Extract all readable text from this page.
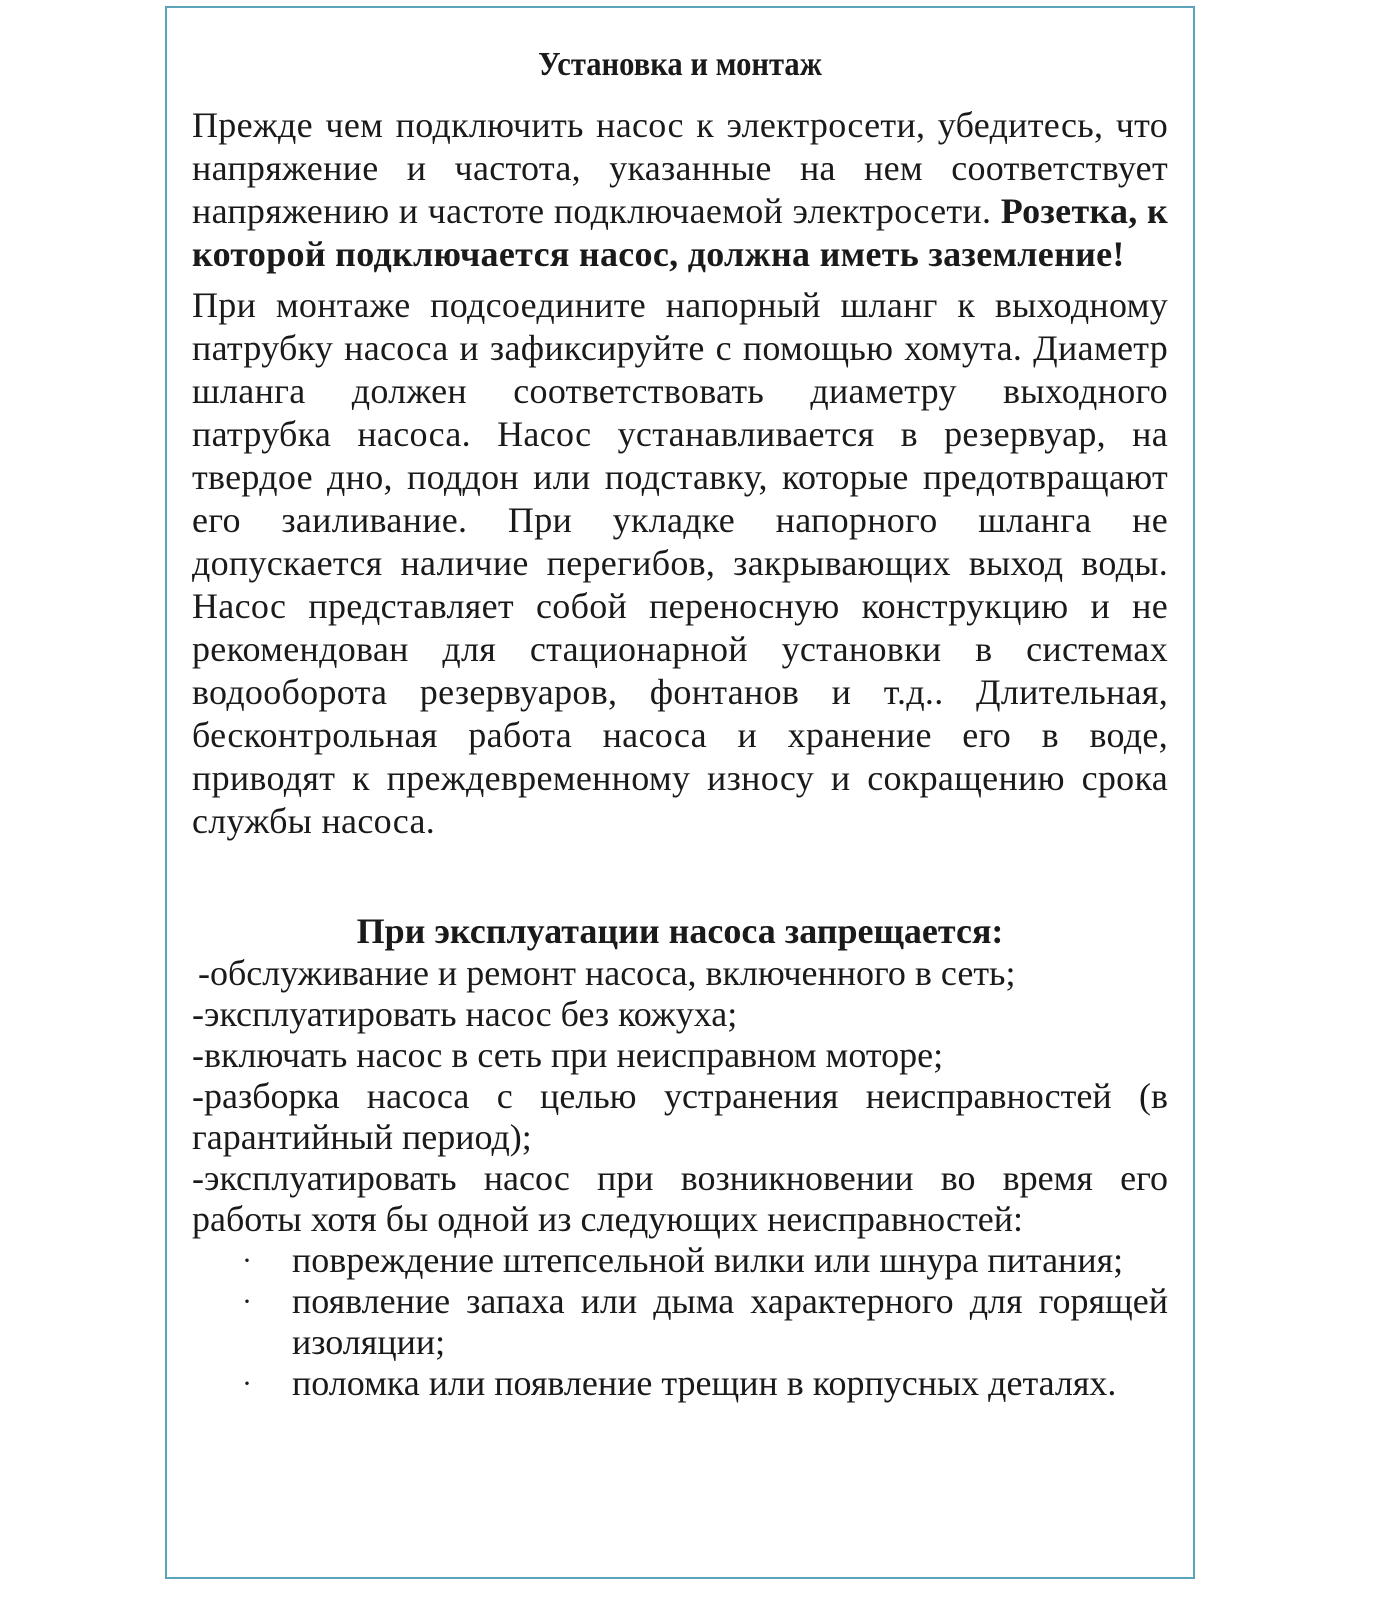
Установка и монтаж

Прежде чем подключить насос к электросети, убедитесь, что напряжение и частота, указанные на нем соответствует напряжению и частоте подключаемой электросети. Розетка, к которой подключается насос, должна иметь заземление!

При монтаже подсоедините напорный шланг к выходному патрубку насоса и зафиксируйте с помощью хомута. Диаметр шланга должен соответствовать диаметру выходного патрубка насоса. Насос устанавливается в резервуар, на твердое дно, поддон или подставку, которые предотвращают его заиливание. При укладке напорного шланга не допускается наличие перегибов, закрывающих выход воды. Насос представляет собой переносную конструкцию и не рекомендован для стационарной установки в системах водооборота резервуаров, фонтанов и т.д.. Длительная, бесконтрольная работа насоса и хранение его в воде, приводят к преждевременному износу и сокращению срока службы насоса.

При эксплуатации насоса запрещается:

-обслуживание и ремонт насоса, включенного в сеть;

-эксплуатировать насос без кожуха;

-включать насос в сеть при неисправном моторе;

-разборка насоса с целью устранения неисправностей (в гарантийный период);

-эксплуатировать насос при возникновении во время его работы хотя бы одной из следующих неисправностей:

· повреждение штепсельной вилки или шнура питания;
· появление запаха или дыма характерного для горящей изоляции;
· поломка или появление трещин в корпусных деталях.
